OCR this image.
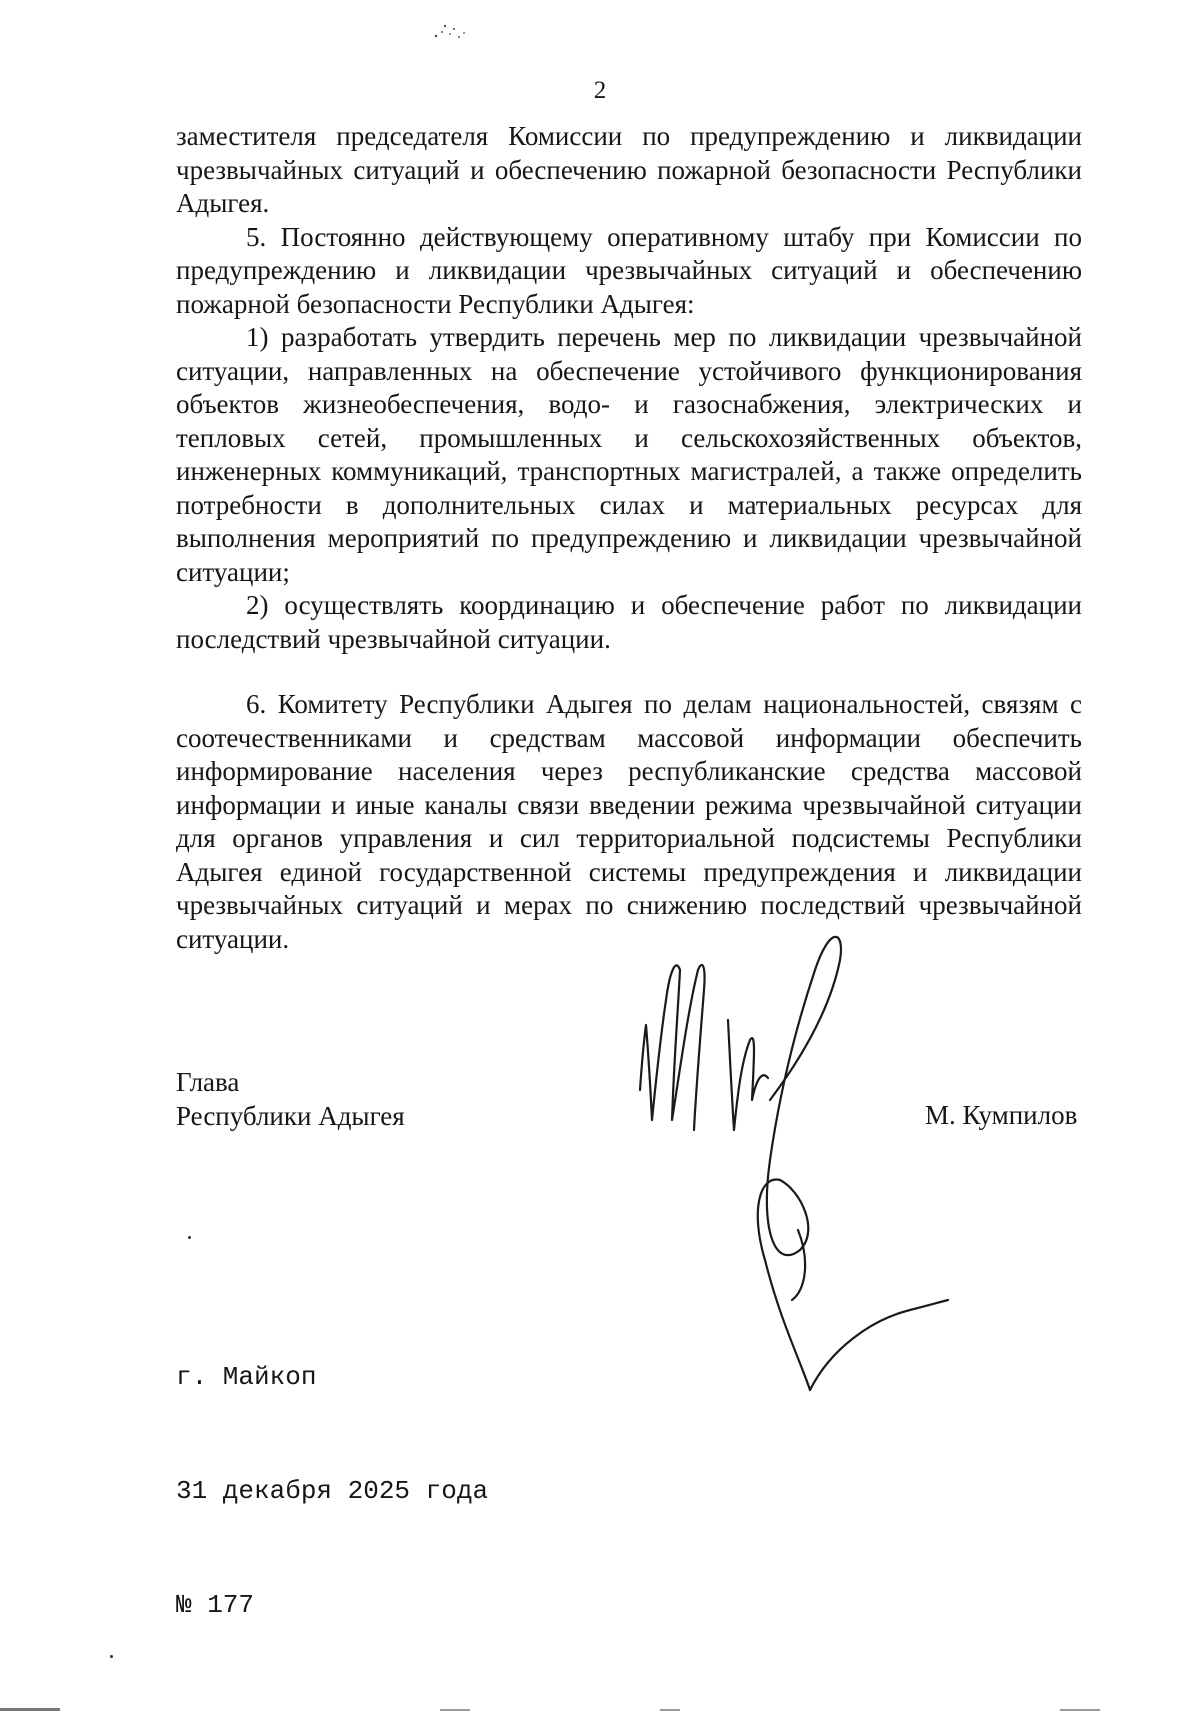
2

заместителя председателя Комиссии по предупреждению и ликвидации чрезвычайных ситуаций и обеспечению пожарной безопасности Республики Адыгея.

5. Постоянно действующему оперативному штабу при Комиссии по предупреждению и ликвидации чрезвычайных ситуаций и обеспечению пожарной безопасности Республики Адыгея:

1) разработать утвердить перечень мер по ликвидации чрезвычайной ситуации, направленных на обеспечение устойчивого функционирования объектов жизнеобеспечения, водо- и газоснабжения, электрических и тепловых сетей, промышленных и сельскохозяйственных объектов, инженерных коммуникаций, транспортных магистралей, а также определить потребности в дополнительных силах и материальных ресурсах для выполнения мероприятий по предупреждению и ликвидации чрезвычайной ситуации;

2) осуществлять координацию и обеспечение работ по ликвидации последствий чрезвычайной ситуации.

6. Комитету Республики Адыгея по делам национальностей, связям с соотечественниками и средствам массовой информации обеспечить информирование населения через республиканские средства массовой информации и иные каналы связи введении режима чрезвычайной ситуации для органов управления и сил территориальной подсистемы Республики Адыгея единой государственной системы предупреждения и ликвидации чрезвычайных ситуаций и мерах по снижению последствий чрезвычайной ситуации.

Глава
Республики Адыгея	М. Кумпилов

г. Майкоп

31 декабря 2025 года

№ 177
